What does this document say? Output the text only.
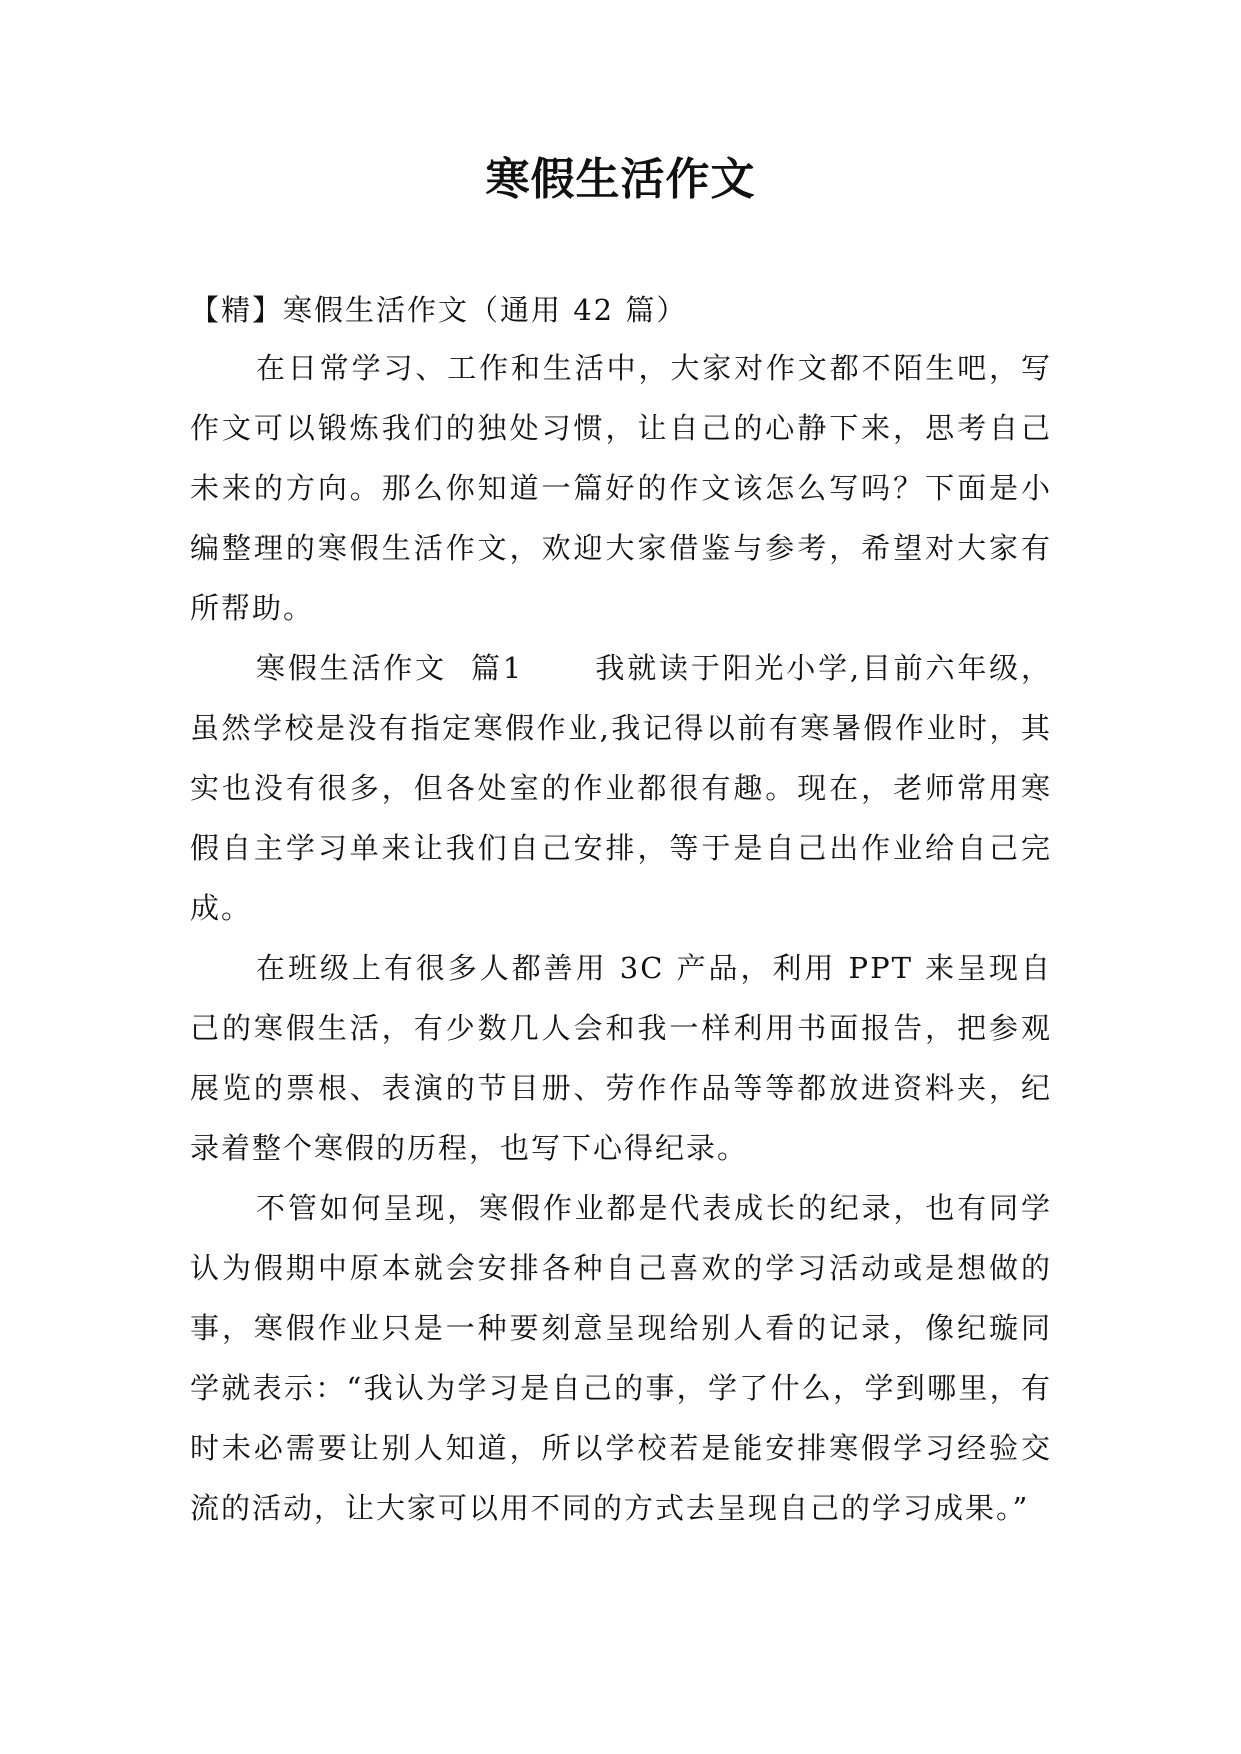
寒假生活作文

【精】寒假生活作文（通用 42 篇）

在日常学习、工作和生活中，大家对作文都不陌生吧，写作文可以锻炼我们的独处习惯，让自己的心静下来，思考自己未来的方向。那么你知道一篇好的作文该怎么写吗？下面是小编整理的寒假生活作文，欢迎大家借鉴与参考，希望对大家有所帮助。

寒假生活作文  篇1      我就读于阳光小学,目前六年级，虽然学校是没有指定寒假作业,我记得以前有寒暑假作业时，其实也没有很多，但各处室的作业都很有趣。现在，老师常用寒假自主学习单来让我们自己安排，等于是自己出作业给自己完成。

在班级上有很多人都善用 3C 产品，利用 PPT 来呈现自己的寒假生活，有少数几人会和我一样利用书面报告，把参观展览的票根、表演的节目册、劳作作品等等都放进资料夹，纪录着整个寒假的历程，也写下心得纪录。

不管如何呈现，寒假作业都是代表成长的纪录，也有同学认为假期中原本就会安排各种自己喜欢的学习活动或是想做的事，寒假作业只是一种要刻意呈现给别人看的记录，像纪璇同学就表示：“我认为学习是自己的事，学了什么，学到哪里，有时未必需要让别人知道，所以学校若是能安排寒假学习经验交流的活动，让大家可以用不同的方式去呈现自己的学习成果。”
